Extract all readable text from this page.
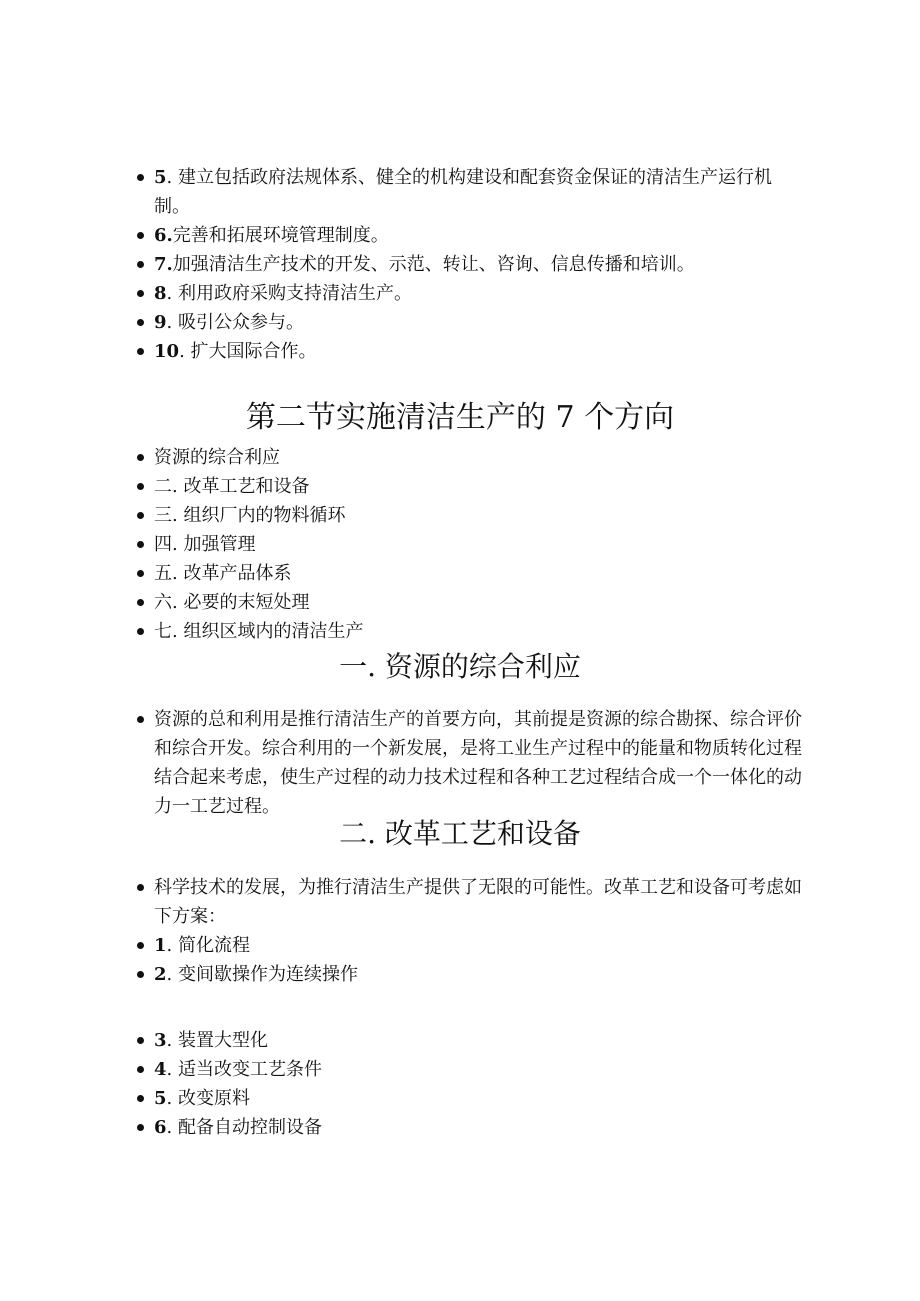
5. 建立包括政府法规体系、健全的机构建设和配套资金保证的清洁生产运行机制。
6.完善和拓展环境管理制度。
7.加强清洁生产技术的开发、示范、转让、咨询、信息传播和培训。
8. 利用政府采购支持清洁生产。
9. 吸引公众参与。
10. 扩大国际合作。
第二节实施清洁生产的 7 个方向
资源的综合利应
二. 改革工艺和设备
三. 组织厂内的物料循环
四. 加强管理
五. 改革产品体系
六. 必要的末短处理
七. 组织区域内的清洁生产
一. 资源的综合利应
资源的总和利用是推行清洁生产的首要方向，其前提是资源的综合勘探、综合评价和综合开发。综合利用的一个新发展，是将工业生产过程中的能量和物质转化过程结合起来考虑，使生产过程的动力技术过程和各种工艺过程结合成一个一体化的动力一工艺过程。
二. 改革工艺和设备
科学技术的发展，为推行清洁生产提供了无限的可能性。改革工艺和设备可考虑如下方案：
1. 简化流程
2. 变间歇操作为连续操作
3. 装置大型化
4. 适当改变工艺条件
5. 改变原料
6. 配备自动控制设备
